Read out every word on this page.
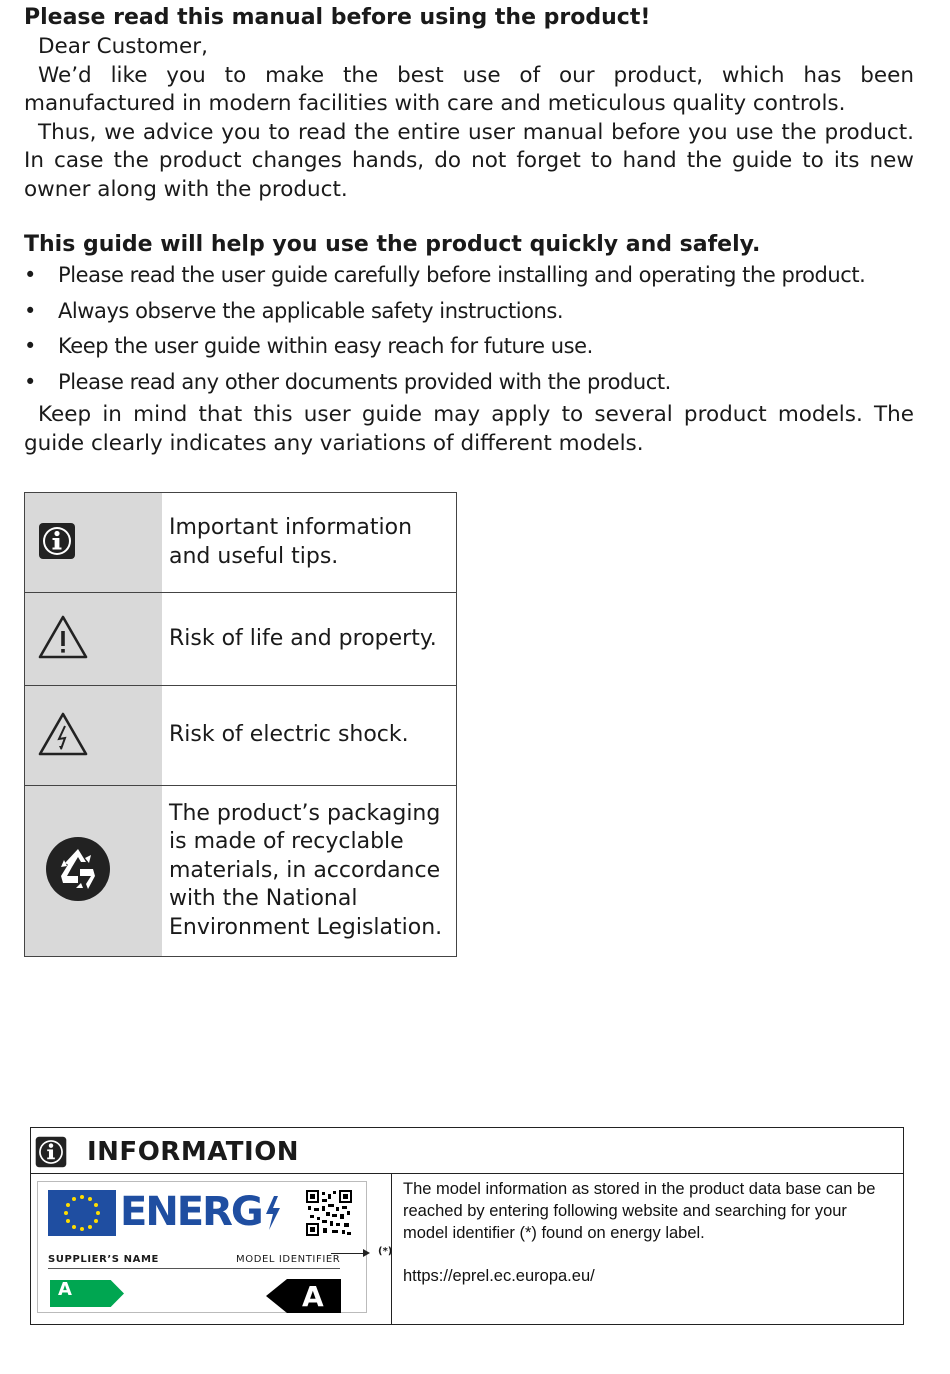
Please read this manual before using the product!

Dear Customer,

We’d like you to make the best use of our product, which has been manufactured in modern facilities with care and meticulous quality controls.

Thus, we advice you to read the entire user manual before you use the product. In case the product changes hands, do not forget to hand the guide to its new owner along with the product.

This guide will help you use the product quickly and safely.

• Please read the user guide carefully before installing and operating the product.
• Always observe the applicable safety instructions.
• Keep the user guide within easy reach for future use.
• Please read any other documents provided with the product.

Keep in mind that this user guide may apply to several product models. The guide clearly indicates any variations of different models.

	Important information and useful tips.
	Risk of life and property.
	Risk of electric shock.
	The product’s packaging is made of recyclable materials, in accordance with the National Environment Legislation.
INFORMATION
ENERG
SUPPLIER’S NAME	MODEL IDENTIFIER
A	A
(*)

The model information as stored in the product data base can be reached by entering following website and searching for your model identifier (*) found on energy label.

https://eprel.ec.europa.eu/
